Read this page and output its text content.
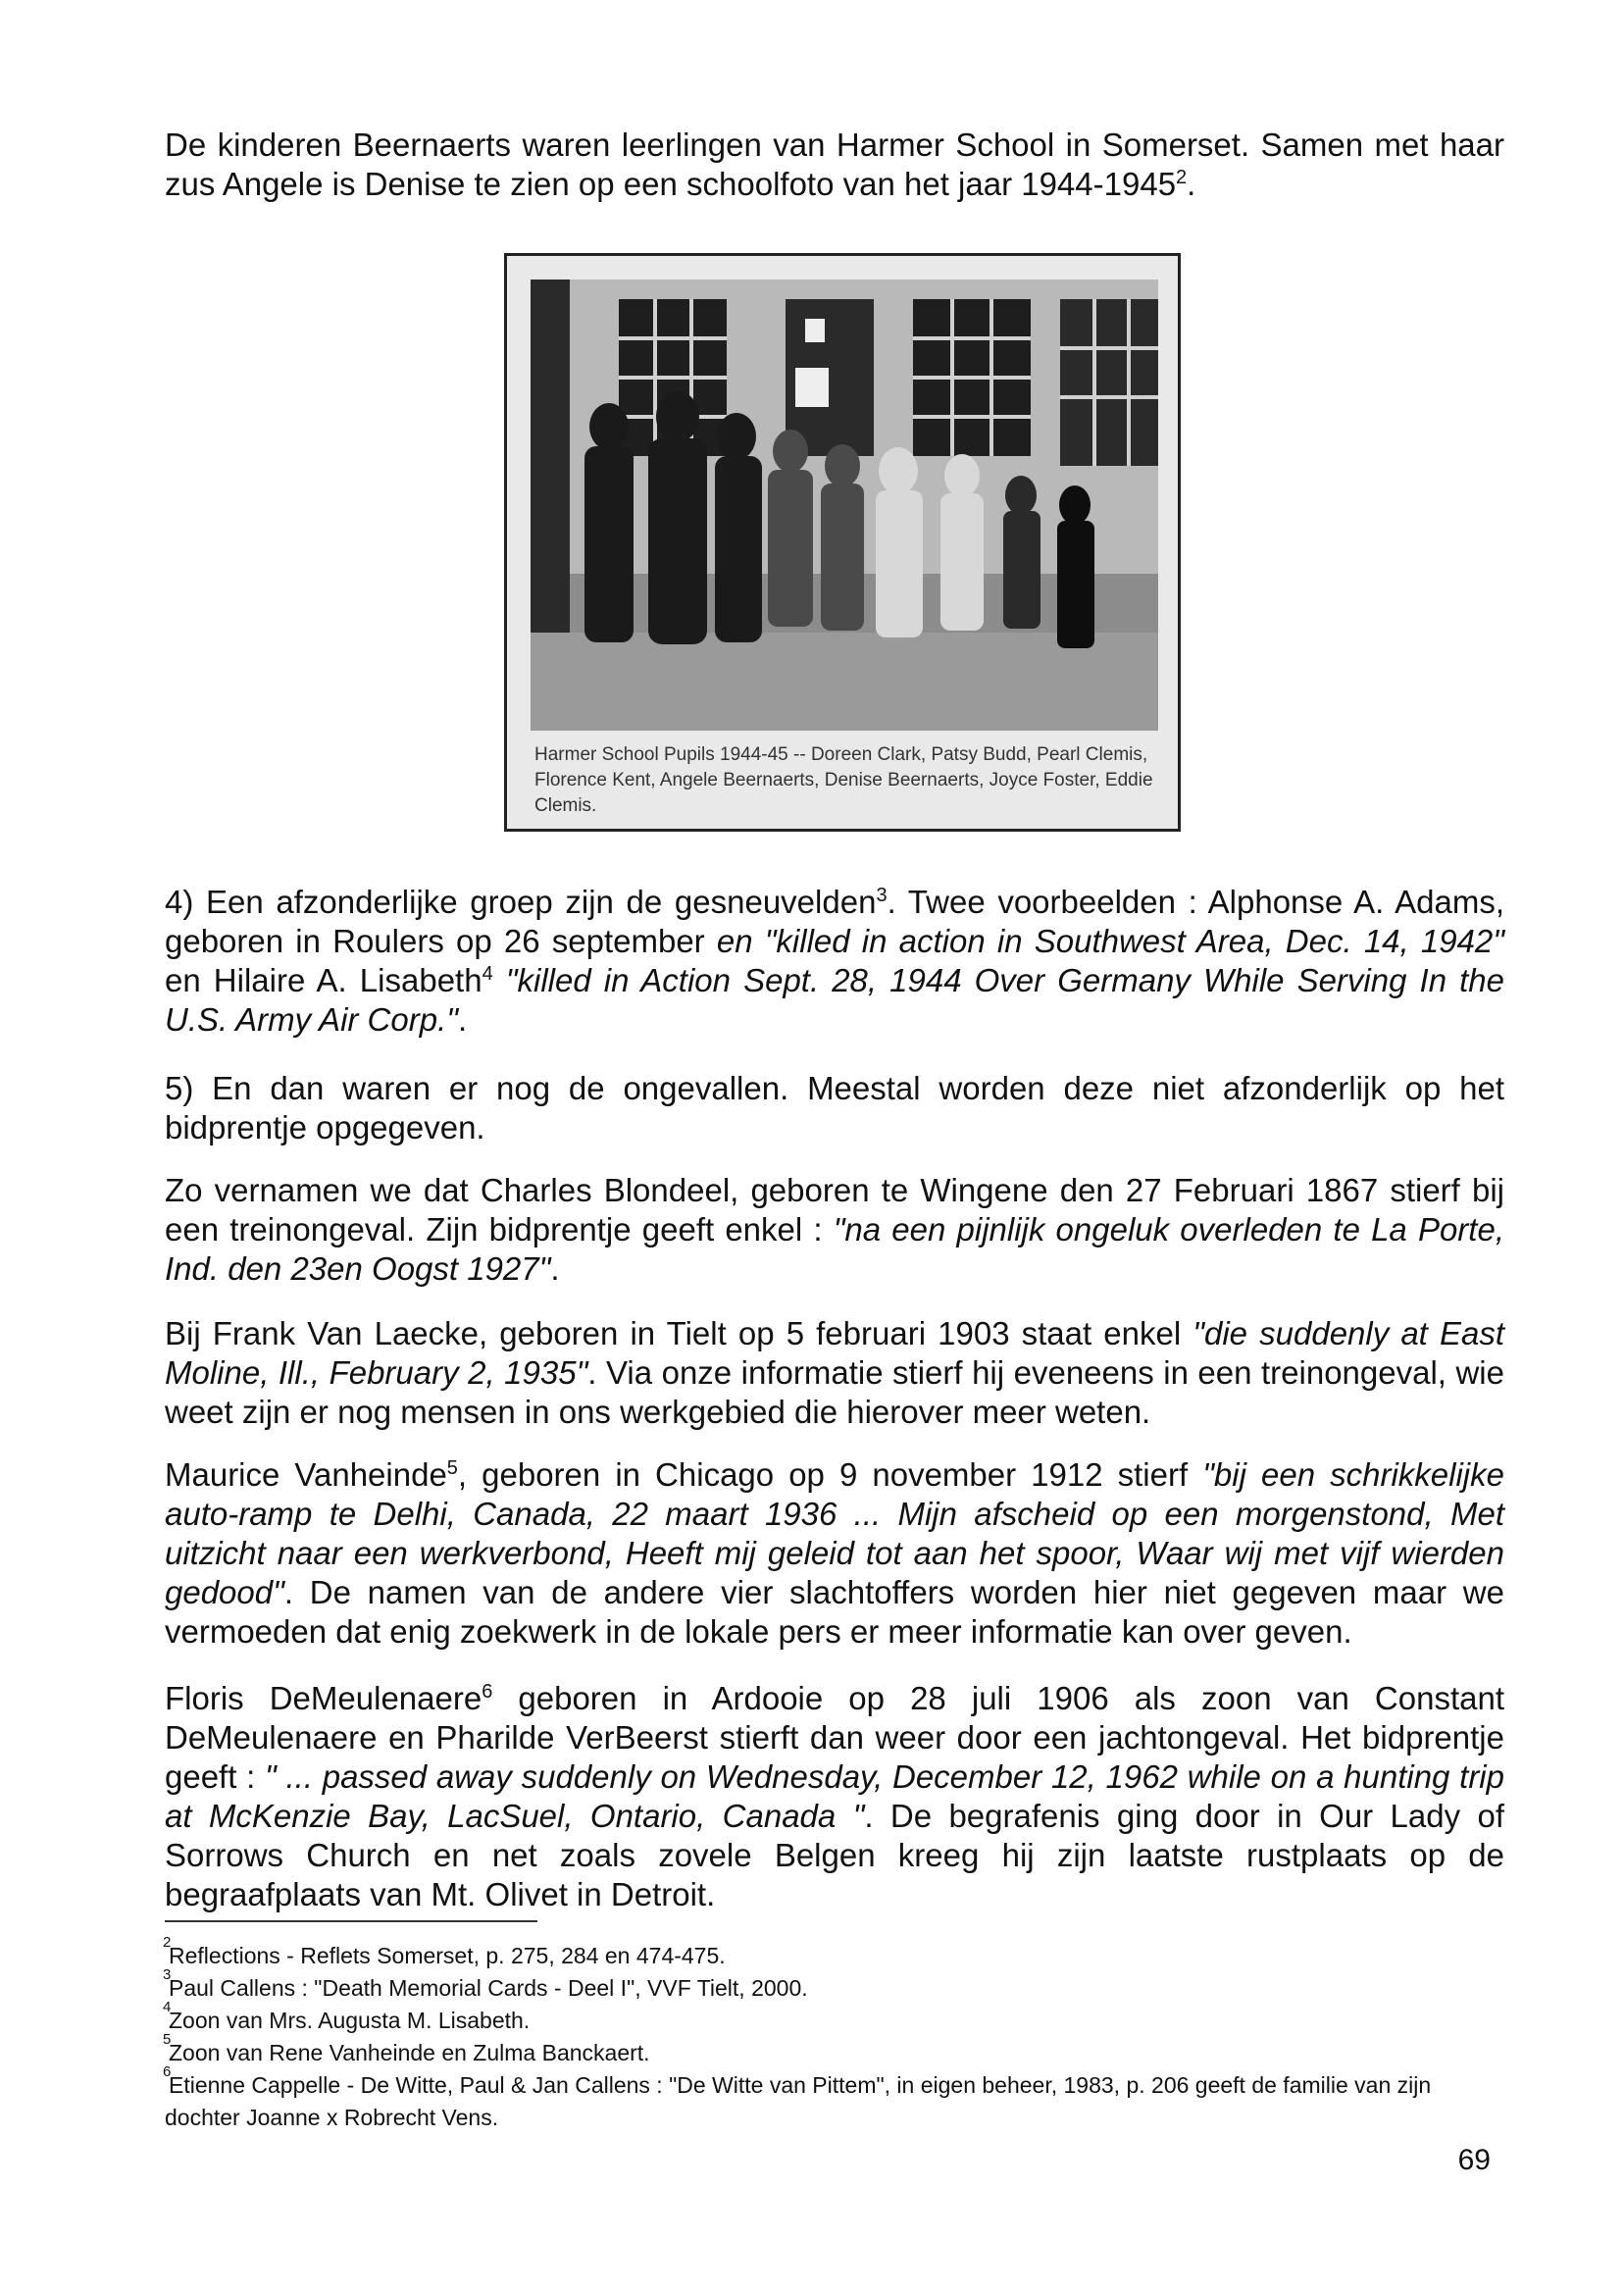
De kinderen Beernaerts waren leerlingen van Harmer School in Somerset. Samen met haar zus Angele is Denise te zien op een schoolfoto van het jaar 1944-1945$^2$.

Harmer School Pupils 1944-45 -- Doreen Clark, Patsy Budd, Pearl Clemis, Florence Kent, Angele Beernaerts, Denise Beernaerts, Joyce Foster, Eddie Clemis.

4) Een afzonderlijke groep zijn de gesneuvelden$^3$. Twee voorbeelden : Alphonse A. Adams, geboren in Roulers op 26 september en "killed in action in Southwest Area, Dec. 14, 1942" en Hilaire A. Lisabeth$^4$ "killed in Action Sept. 28, 1944 Over Germany While Serving In the U.S. Army Air Corp.".

5) En dan waren er nog de ongevallen. Meestal worden deze niet afzonderlijk op het bidprentje opgegeven.

Zo vernamen we dat Charles Blondeel, geboren te Wingene den 27 Februari 1867 stierf bij een treinongeval. Zijn bidprentje geeft enkel : "na een pijnlijk ongeluk overleden te La Porte, Ind. den 23en Oogst 1927".

Bij Frank Van Laecke, geboren in Tielt op 5 februari 1903 staat enkel "die suddenly at East Moline, Ill., February 2, 1935". Via onze informatie stierf hij eveneens in een treinongeval, wie weet zijn er nog mensen in ons werkgebied die hierover meer weten.

Maurice Vanheinde$^5$, geboren in Chicago op 9 november 1912 stierf "bij een schrikkelijke auto-ramp te Delhi, Canada, 22 maart 1936 ... Mijn afscheid op een morgenstond, Met uitzicht naar een werkverbond, Heeft mij geleid tot aan het spoor, Waar wij met vijf wierden gedood". De namen van de andere vier slachtoffers worden hier niet gegeven maar we vermoeden dat enig zoekwerk in de lokale pers er meer informatie kan over geven.

Floris DeMeulenaere$^6$ geboren in Ardooie op 28 juli 1906 als zoon van Constant DeMeulenaere en Pharilde VerBeerst stierft dan weer door een jachtongeval. Het bidprentje geeft : " ... passed away suddenly on Wednesday, December 12, 1962 while on a hunting trip at McKenzie Bay, LacSuel, Ontario, Canada ". De begrafenis ging door in Our Lady of Sorrows Church en net zoals zovele Belgen kreeg hij zijn laatste rustplaats op de begraafplaats van Mt. Olivet in Detroit.

2
Reflections - Reflets Somerset, p. 275, 284 en 474-475.
3
Paul Callens : "Death Memorial Cards - Deel I", VVF Tielt, 2000.
4
Zoon van Mrs. Augusta M. Lisabeth.
5
Zoon van Rene Vanheinde en Zulma Banckaert.
6
Etienne Cappelle - De Witte, Paul & Jan Callens : "De Witte van Pittem", in eigen beheer, 1983, p. 206 geeft de familie van zijn dochter Joanne x Robrecht Vens.
69
